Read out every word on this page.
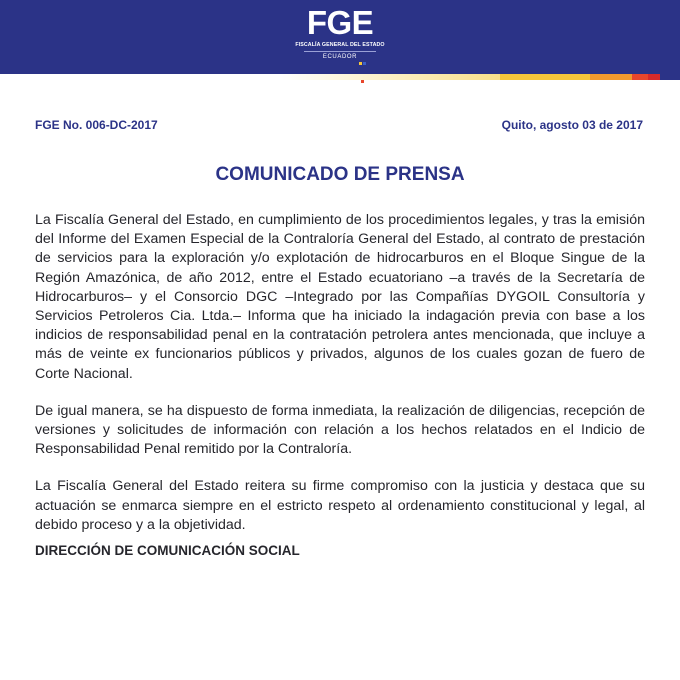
FGE
FISCALÍA GENERAL DEL ESTADO
ECUADOR
FGE No. 006-DC-2017	Quito, agosto 03 de 2017
COMUNICADO DE PRENSA

La Fiscalía General del Estado, en cumplimiento de los procedimientos legales, y tras la emisión del Informe del Examen Especial de la Contraloría General del Estado, al contrato de prestación de servicios para la exploración y/o explotación de hidrocarburos en el Bloque Singue de la Región Amazónica, de año 2012, entre el Estado ecuatoriano –a través de la Secretaría de Hidrocarburos– y el Consorcio DGC –Integrado por las Compañías DYGOIL Consultoría y Servicios Petroleros Cia. Ltda.– Informa que ha iniciado la indagación previa con base a los indicios de responsabilidad penal en la contratación petrolera antes mencionada, que incluye a más de veinte ex funcionarios públicos y privados, algunos de los cuales gozan de fuero de Corte Nacional.

De igual manera, se ha dispuesto de forma inmediata, la realización de diligencias, recepción de versiones y solicitudes de información con relación a los hechos relatados en el Indicio de Responsabilidad Penal remitido por la Contraloría.

La Fiscalía General del Estado reitera su firme compromiso con la justicia y destaca que su actuación se enmarca siempre en el estricto respeto al ordenamiento constitucional y legal, al debido proceso y a la objetividad.

DIRECCIÓN DE COMUNICACIÓN SOCIAL
